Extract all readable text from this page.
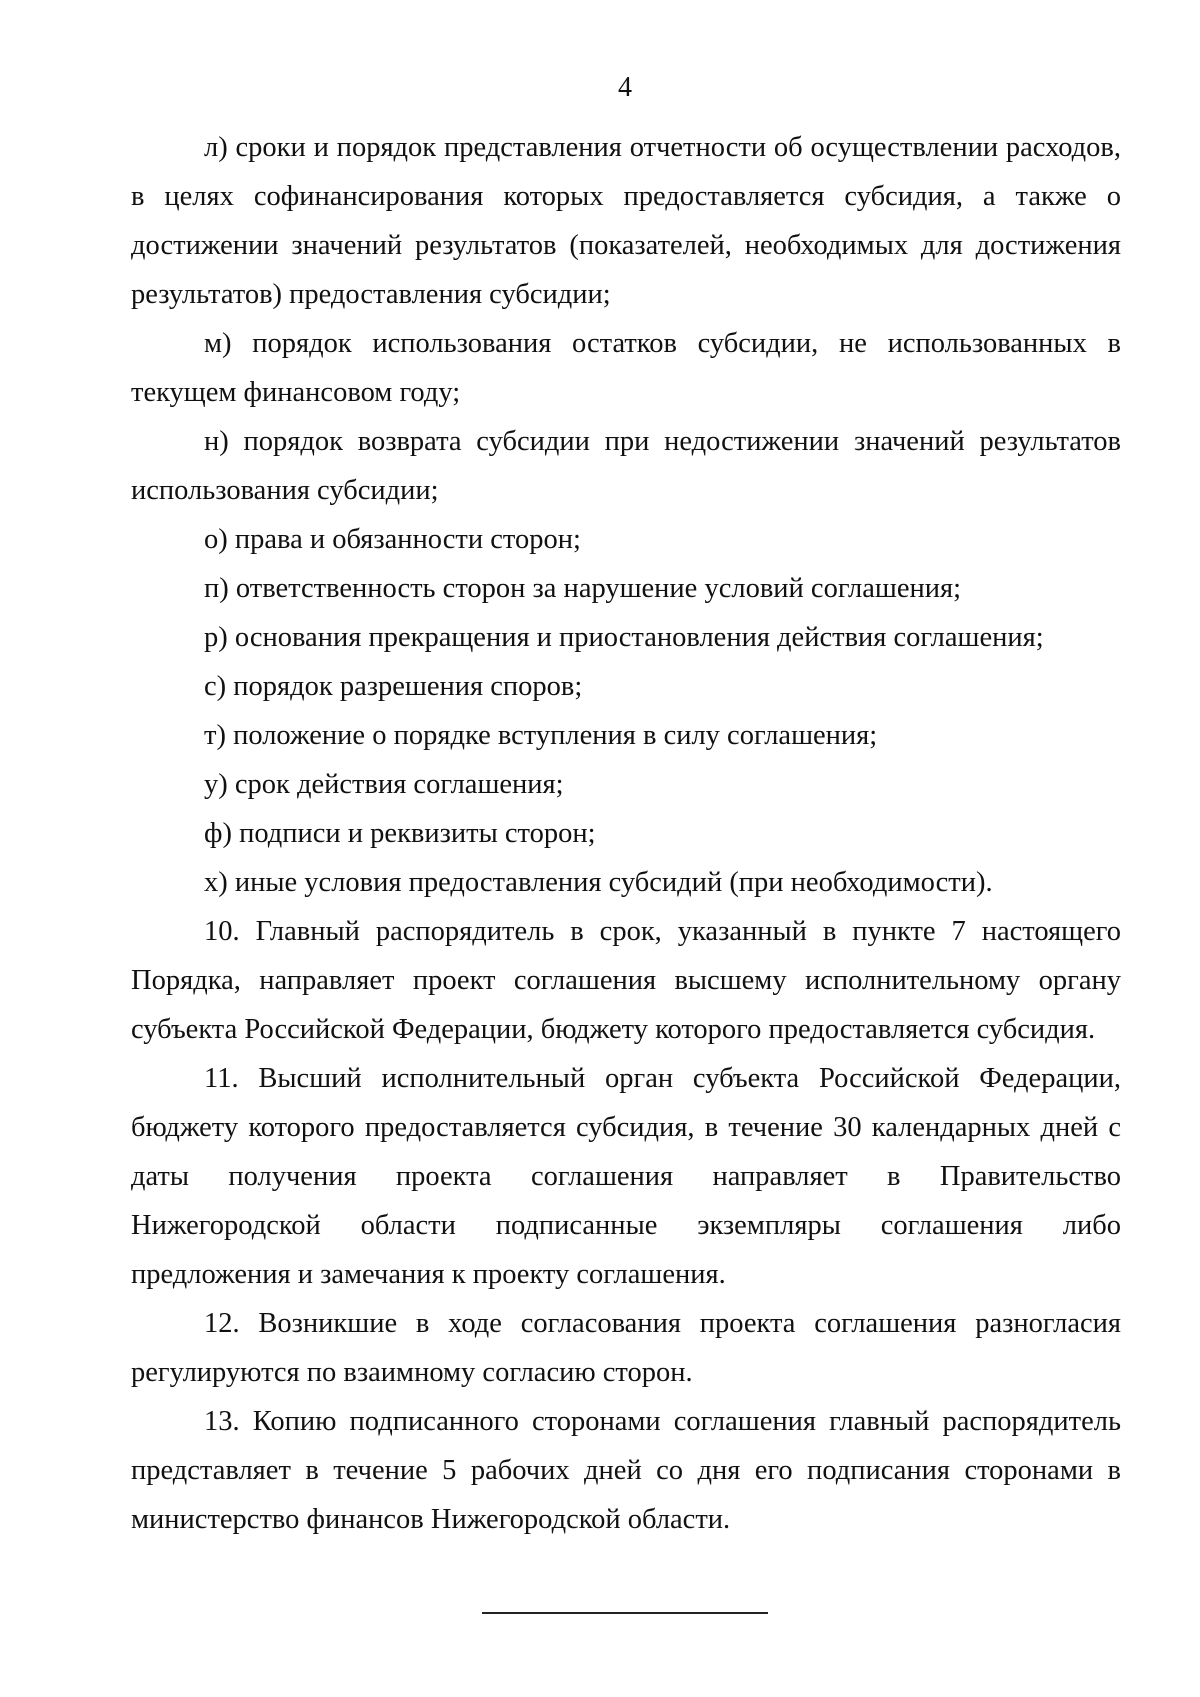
4

л) сроки и порядок представления отчетности об осуществлении расходов, в целях софинансирования которых предоставляется субсидия, а также о достижении значений результатов (показателей, необходимых для достижения результатов) предоставления субсидии;

м) порядок использования остатков субсидии, не использованных в текущем финансовом году;

н) порядок возврата субсидии при недостижении значений результатов использования субсидии;

о) права и обязанности сторон;

п) ответственность сторон за нарушение условий соглашения;

р) основания прекращения и приостановления действия соглашения;

с) порядок разрешения споров;

т) положение о порядке вступления в силу соглашения;

у) срок действия соглашения;

ф) подписи и реквизиты сторон;

х) иные условия предоставления субсидий (при необходимости).

10. Главный распорядитель в срок, указанный в пункте 7 настоящего Порядка, направляет проект соглашения высшему исполнительному органу субъекта Российской Федерации, бюджету которого предоставляется субсидия.

11. Высший исполнительный орган субъекта Российской Федерации, бюджету которого предоставляется субсидия, в течение 30 календарных дней с даты получения проекта соглашения направляет в Правительство Нижегородской области подписанные экземпляры соглашения либо предложения и замечания к проекту соглашения.

12. Возникшие в ходе согласования проекта соглашения разногласия регулируются по взаимному согласию сторон.

13. Копию подписанного сторонами соглашения главный распорядитель представляет в течение 5 рабочих дней со дня его подписания сторонами в министерство финансов Нижегородской области.
